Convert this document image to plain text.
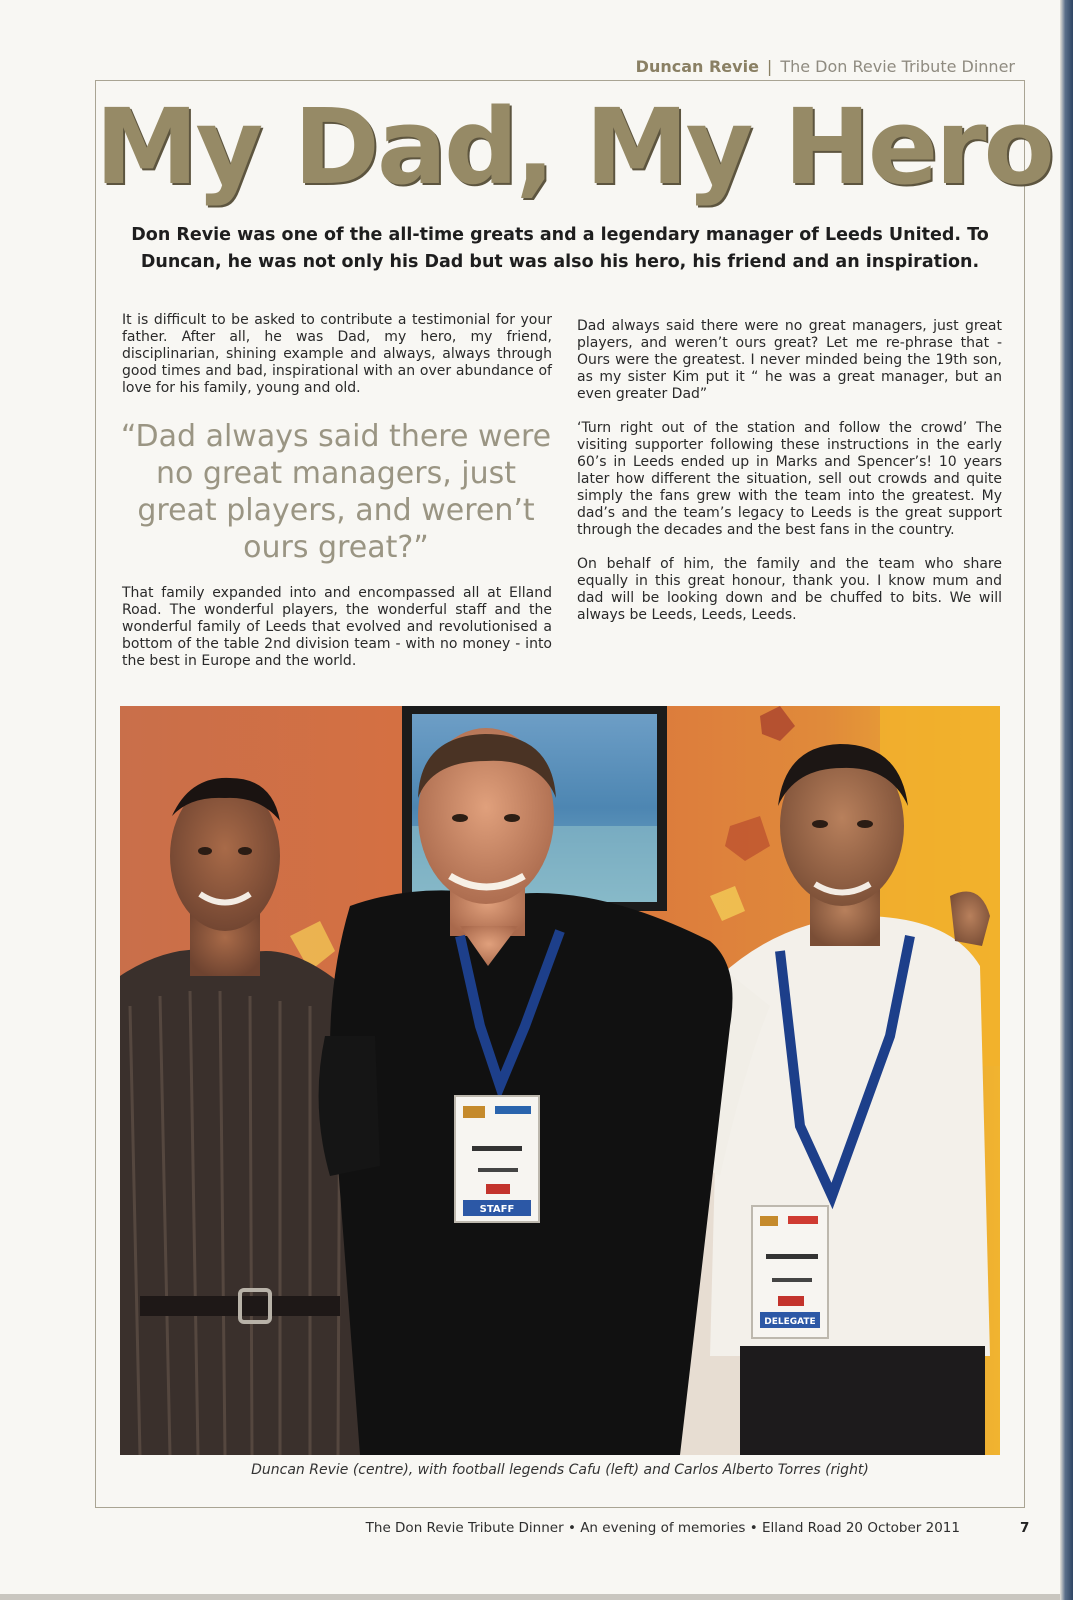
Duncan Revie | The Don Revie Tribute Dinner
My Dad, My Hero
Don Revie was one of the all-time greats and a legendary manager of Leeds United. To Duncan, he was not only his Dad but was also his hero, his friend and an inspiration.

It is difficult to be asked to contribute a testimonial for your father. After all, he was Dad, my hero, my friend, disciplinarian, shining example and always, always through good times and bad, inspirational with an over abundance of love for his family, young and old.

“Dad always said there were no great managers, just great players, and weren’t ours great?”

That family expanded into and encompassed all at Elland Road. The wonderful players, the wonderful staff and the wonderful family of Leeds that evolved and revolutionised a bottom of the table 2nd division team - with no money - into the best in Europe and the world.

Dad always said there were no great managers, just great players, and weren’t ours great? Let me re-phrase that - Ours were the greatest. I never minded being the 19th son, as my sister Kim put it “ he was a great manager, but an even greater Dad”

‘Turn right out of the station and follow the crowd’ The visiting supporter following these instructions in the early 60’s in Leeds ended up in Marks and Spencer’s! 10 years later how different the situation, sell out crowds and quite simply the fans grew with the team into the greatest. My dad’s and the team’s legacy to Leeds is the great support through the decades and the best fans in the country.

On behalf of him, the family and the team who share equally in this great honour, thank you. I know mum and dad will be looking down and be chuffed to bits. We will always be Leeds, Leeds, Leeds.

DELEGATE
STAFF
Duncan Revie (centre), with football legends Cafu (left) and Carlos Alberto Torres (right)
The Don Revie Tribute Dinner • An evening of memories • Elland Road 20 October 2011	7
